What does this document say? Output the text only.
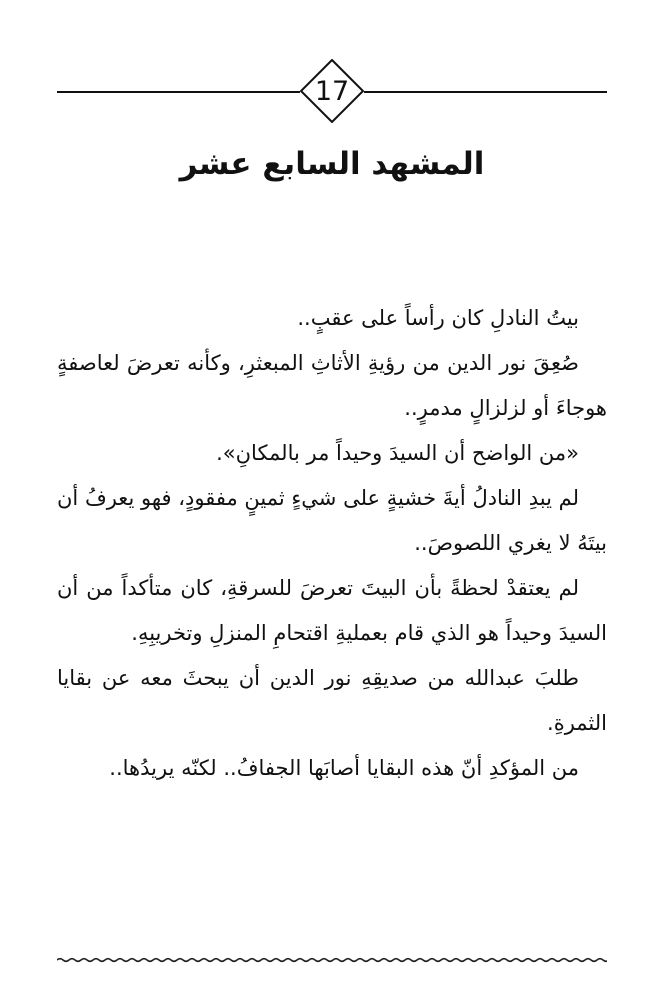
17
المشهد السابع عشر

بيتُ النادلِ كان رأساً على عقبٍ..

صُعِقَ نور الدين من رؤيةِ الأثاثِ المبعثرِ، وكأنه تعرضَ لعاصفةٍ هوجاءَ أو لزلزالٍ مدمرٍ..

«من الواضح أن السيدَ وحيداً مر بالمكانِ».

لم يبدِ النادلُ أيةَ خشيةٍ على شيءٍ ثمينٍ مفقودٍ، فهو يعرفُ أن بيتَهُ لا يغري اللصوصَ..

لم يعتقدْ لحظةً بأن البيتَ تعرضَ للسرقةِ، كان متأكداً من أن السيدَ وحيداً هو الذي قام بعمليةِ اقتحامِ المنزلِ وتخريبِهِ.

طلبَ عبدالله من صديقِهِ نور الدين أن يبحثَ معه عن بقايا الثمرةِ.

من المؤكدِ أنّ هذه البقايا أصابَها الجفافُ.. لكنّه يريدُها..
